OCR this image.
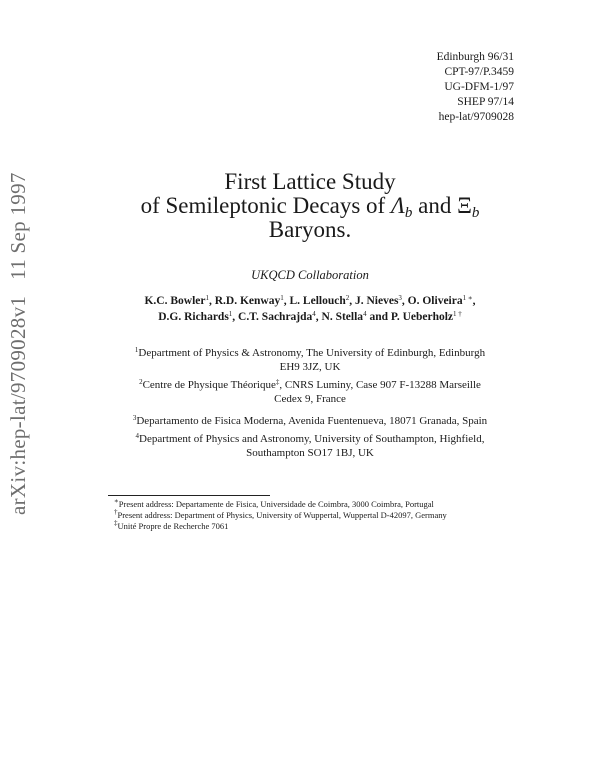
arXiv:hep-lat/9709028v111 Sep 1997
Edinburgh 96/31
CPT-97/P.3459
UG-DFM-1/97
SHEP 97/14
hep-lat/9709028
First Lattice Study
of Semileptonic Decays of $\Lambda_b$ and $\Xi_b$
Baryons.
UKQCD Collaboration
K.C. Bowler$^1$, R.D. Kenway$^1$, L. Lellouch$^2$, J. Nieves$^3$, O. Oliveira$^{1 ∗}$,
D.G. Richards$^1$, C.T. Sachrajda$^4$, N. Stella$^4$ and P. Ueberholz$^{1 \dagger}$
$^1$Department of Physics & Astronomy, The University of Edinburgh, Edinburgh
EH9 3JZ, UK
$^2$Centre de Physique Théorique‡, CNRS Luminy, Case 907 F-13288 Marseille
Cedex 9, France
$^3$Departamento de Fisica Moderna, Avenida Fuentenueva, 18071 Granada, Spain
$^4$Department of Physics and Astronomy, University of Southampton, Highfield,
Southampton SO17 1BJ, UK
∗Present address: Departamente de Fisica, Universidade de Coimbra, 3000 Coimbra, Portugal
†Present address: Department of Physics, University of Wuppertal, Wuppertal D-42097, Germany
‡Unité Propre de Recherche 7061
